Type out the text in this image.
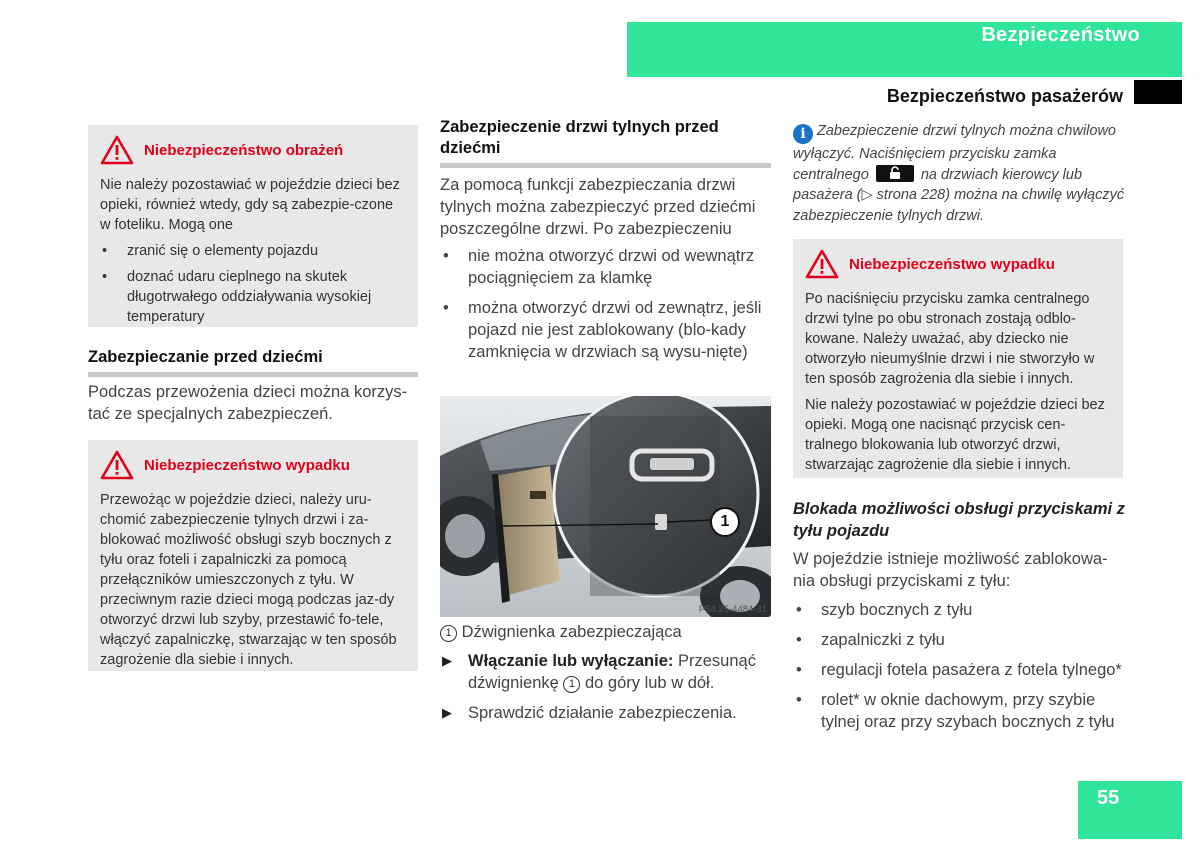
Bezpieczeństwo
Bezpieczeństwo pasażerów
Niebezpieczeństwo obrażeń

Nie należy pozostawiać w pojeździe dzieci bez opieki, również wtedy, gdy są zabezpie-czone w foteliku. Mogą one

• zranić się o elementy pojazdu
• doznać udaru cieplnego na skutek długotrwałego oddziaływania wysokiej temperatury
Zabezpieczanie przed dziećmi

Podczas przewożenia dzieci można korzys-tać ze specjalnych zabezpieczeń.

Niebezpieczeństwo wypadku

Przewożąc w pojeździe dzieci, należy uru-chomić zabezpieczenie tylnych drzwi i za-blokować możliwość obsługi szyb bocznych z tyłu oraz foteli i zapalniczki za pomocą przełączników umieszczonych z tyłu. W przeciwnym razie dzieci mogą podczas jaz-dy otworzyć drzwi lub szyby, przestawić fo-tele, włączyć zapalniczkę, stwarzając w ten sposób zagrożenie dla siebie i innych.

Zabezpieczenie drzwi tylnych przed dziećmi

Za pomocą funkcji zabezpieczania drzwi tylnych można zabezpieczyć przed dziećmi poszczególne drzwi. Po zabezpieczeniu

• nie można otworzyć drzwi od wewnątrz pociągnięciem za klamkę
• można otworzyć drzwi od zewnątrz, jeśli pojazd nie jest zablokowany (blo-kady zamknięcia w drzwiach są wysu-nięte)
1
P54.25-4484-31
1 Dźwignienka zabezpieczająca
▶ Włączanie lub wyłączanie: Przesunąć dźwignienkę 1 do góry lub w dół.
▶ Sprawdzić działanie zabezpieczenia.
i Zabezpieczenie drzwi tylnych można chwilowo wyłączyć. Naciśnięciem przycisku zamka centralnego	na drzwiach kierowcy lub pasażera (▷ strona 228) można na chwilę wyłączyć zabezpieczenie tylnych drzwi.
Niebezpieczeństwo wypadku

Po naciśnięciu przycisku zamka centralnego drzwi tylne po obu stronach zostają odblo-kowane. Należy uważać, aby dziecko nie otworzyło nieumyślnie drzwi i nie stworzyło w ten sposób zagrożenia dla siebie i innych.

Nie należy pozostawiać w pojeździe dzieci bez opieki. Mogą one nacisnąć przycisk cen-tralnego blokowania lub otworzyć drzwi, stwarzając zagrożenie dla siebie i innych.

Blokada możliwości obsługi przyciskami z tyłu pojazdu

W pojeździe istnieje możliwość zablokowa-nia obsługi przyciskami z tyłu:

• szyb bocznych z tyłu
• zapalniczki z tyłu
• regulacji fotela pasażera z fotela tylnego*
• rolet* w oknie dachowym, przy szybie tylnej oraz przy szybach bocznych z tyłu
55
